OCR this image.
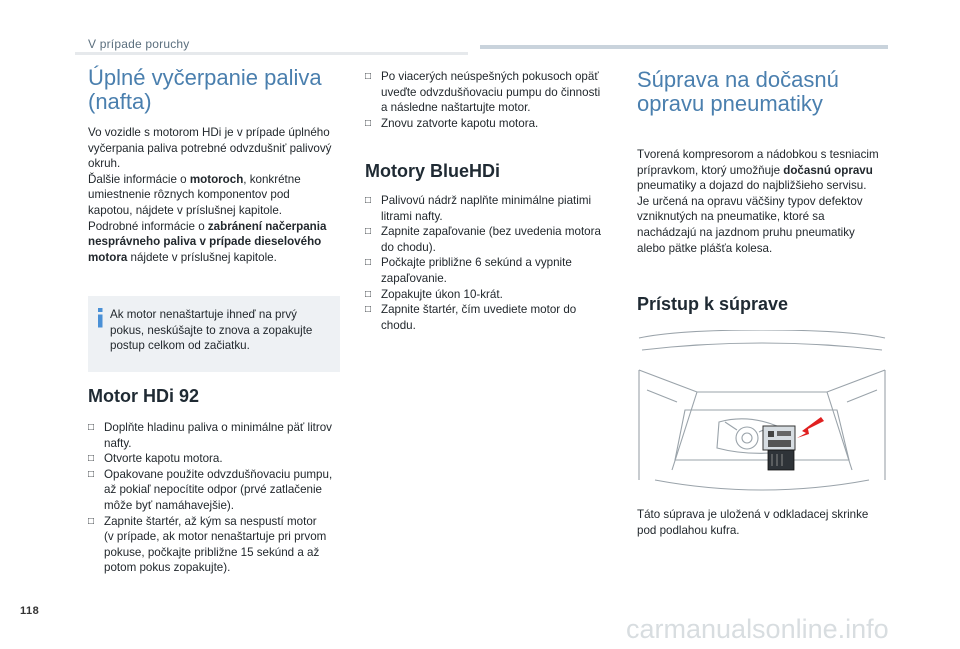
V prípade poruchy
Úplné vyčerpanie paliva
(nafta)
Vo vozidle s motorom HDi je v prípade úplného
vyčerpania paliva potrebné odvzdušniť palivový
okruh.
Ďalšie informácie o motoroch, konkrétne
umiestnenie rôznych komponentov pod
kapotou, nájdete v príslušnej kapitole.
Podrobné informácie o zabránení načerpania
nesprávneho paliva v prípade dieselového
motora nájdete v príslušnej kapitole.
Ak motor nenaštartuje ihneď na prvý
pokus, neskúšajte to znova a zopakujte
postup celkom od začiatku.
Motor HDi 92
□ Doplňte hladinu paliva o minimálne päť litrov
nafty.
□ Otvorte kapotu motora.
□ Opakovane použite odvzdušňovaciu pumpu,
až pokiaľ nepocítite odpor (prvé zatlačenie
môže byť namáhavejšie).
□ Zapnite štartér, až kým sa nespustí motor
(v prípade, ak motor nenaštartuje pri prvom
pokuse, počkajte približne 15 sekúnd a až
potom pokus zopakujte).
□ Po viacerých neúspešných pokusoch opäť
uveďte odvzdušňovaciu pumpu do činnosti
a následne naštartujte motor.
□ Znovu zatvorte kapotu motora.
Motory BlueHDi
□ Palivovú nádrž naplňte minimálne piatimi
litrami nafty.
□ Zapnite zapaľovanie (bez uvedenia motora
do chodu).
□ Počkajte približne 6 sekúnd a vypnite
zapaľovanie.
□ Zopakujte úkon 10-krát.
□ Zapnite štartér, čím uvediete motor do
chodu.
Súprava na dočasnú
opravu pneumatiky
Tvorená kompresorom a nádobkou s tesniacim
prípravkom, ktorý umožňuje dočasnú opravu
pneumatiky a dojazd do najbližšieho servisu.
Je určená na opravu väčšiny typov defektov
vzniknutých na pneumatike, ktoré sa
nachádzajú na jazdnom pruhu pneumatiky
alebo pätke plášťa kolesa.
Prístup k súprave
Táto súprava je uložená v odkladacej skrinke
pod podlahou kufra.
118
carmanualsonline.info
